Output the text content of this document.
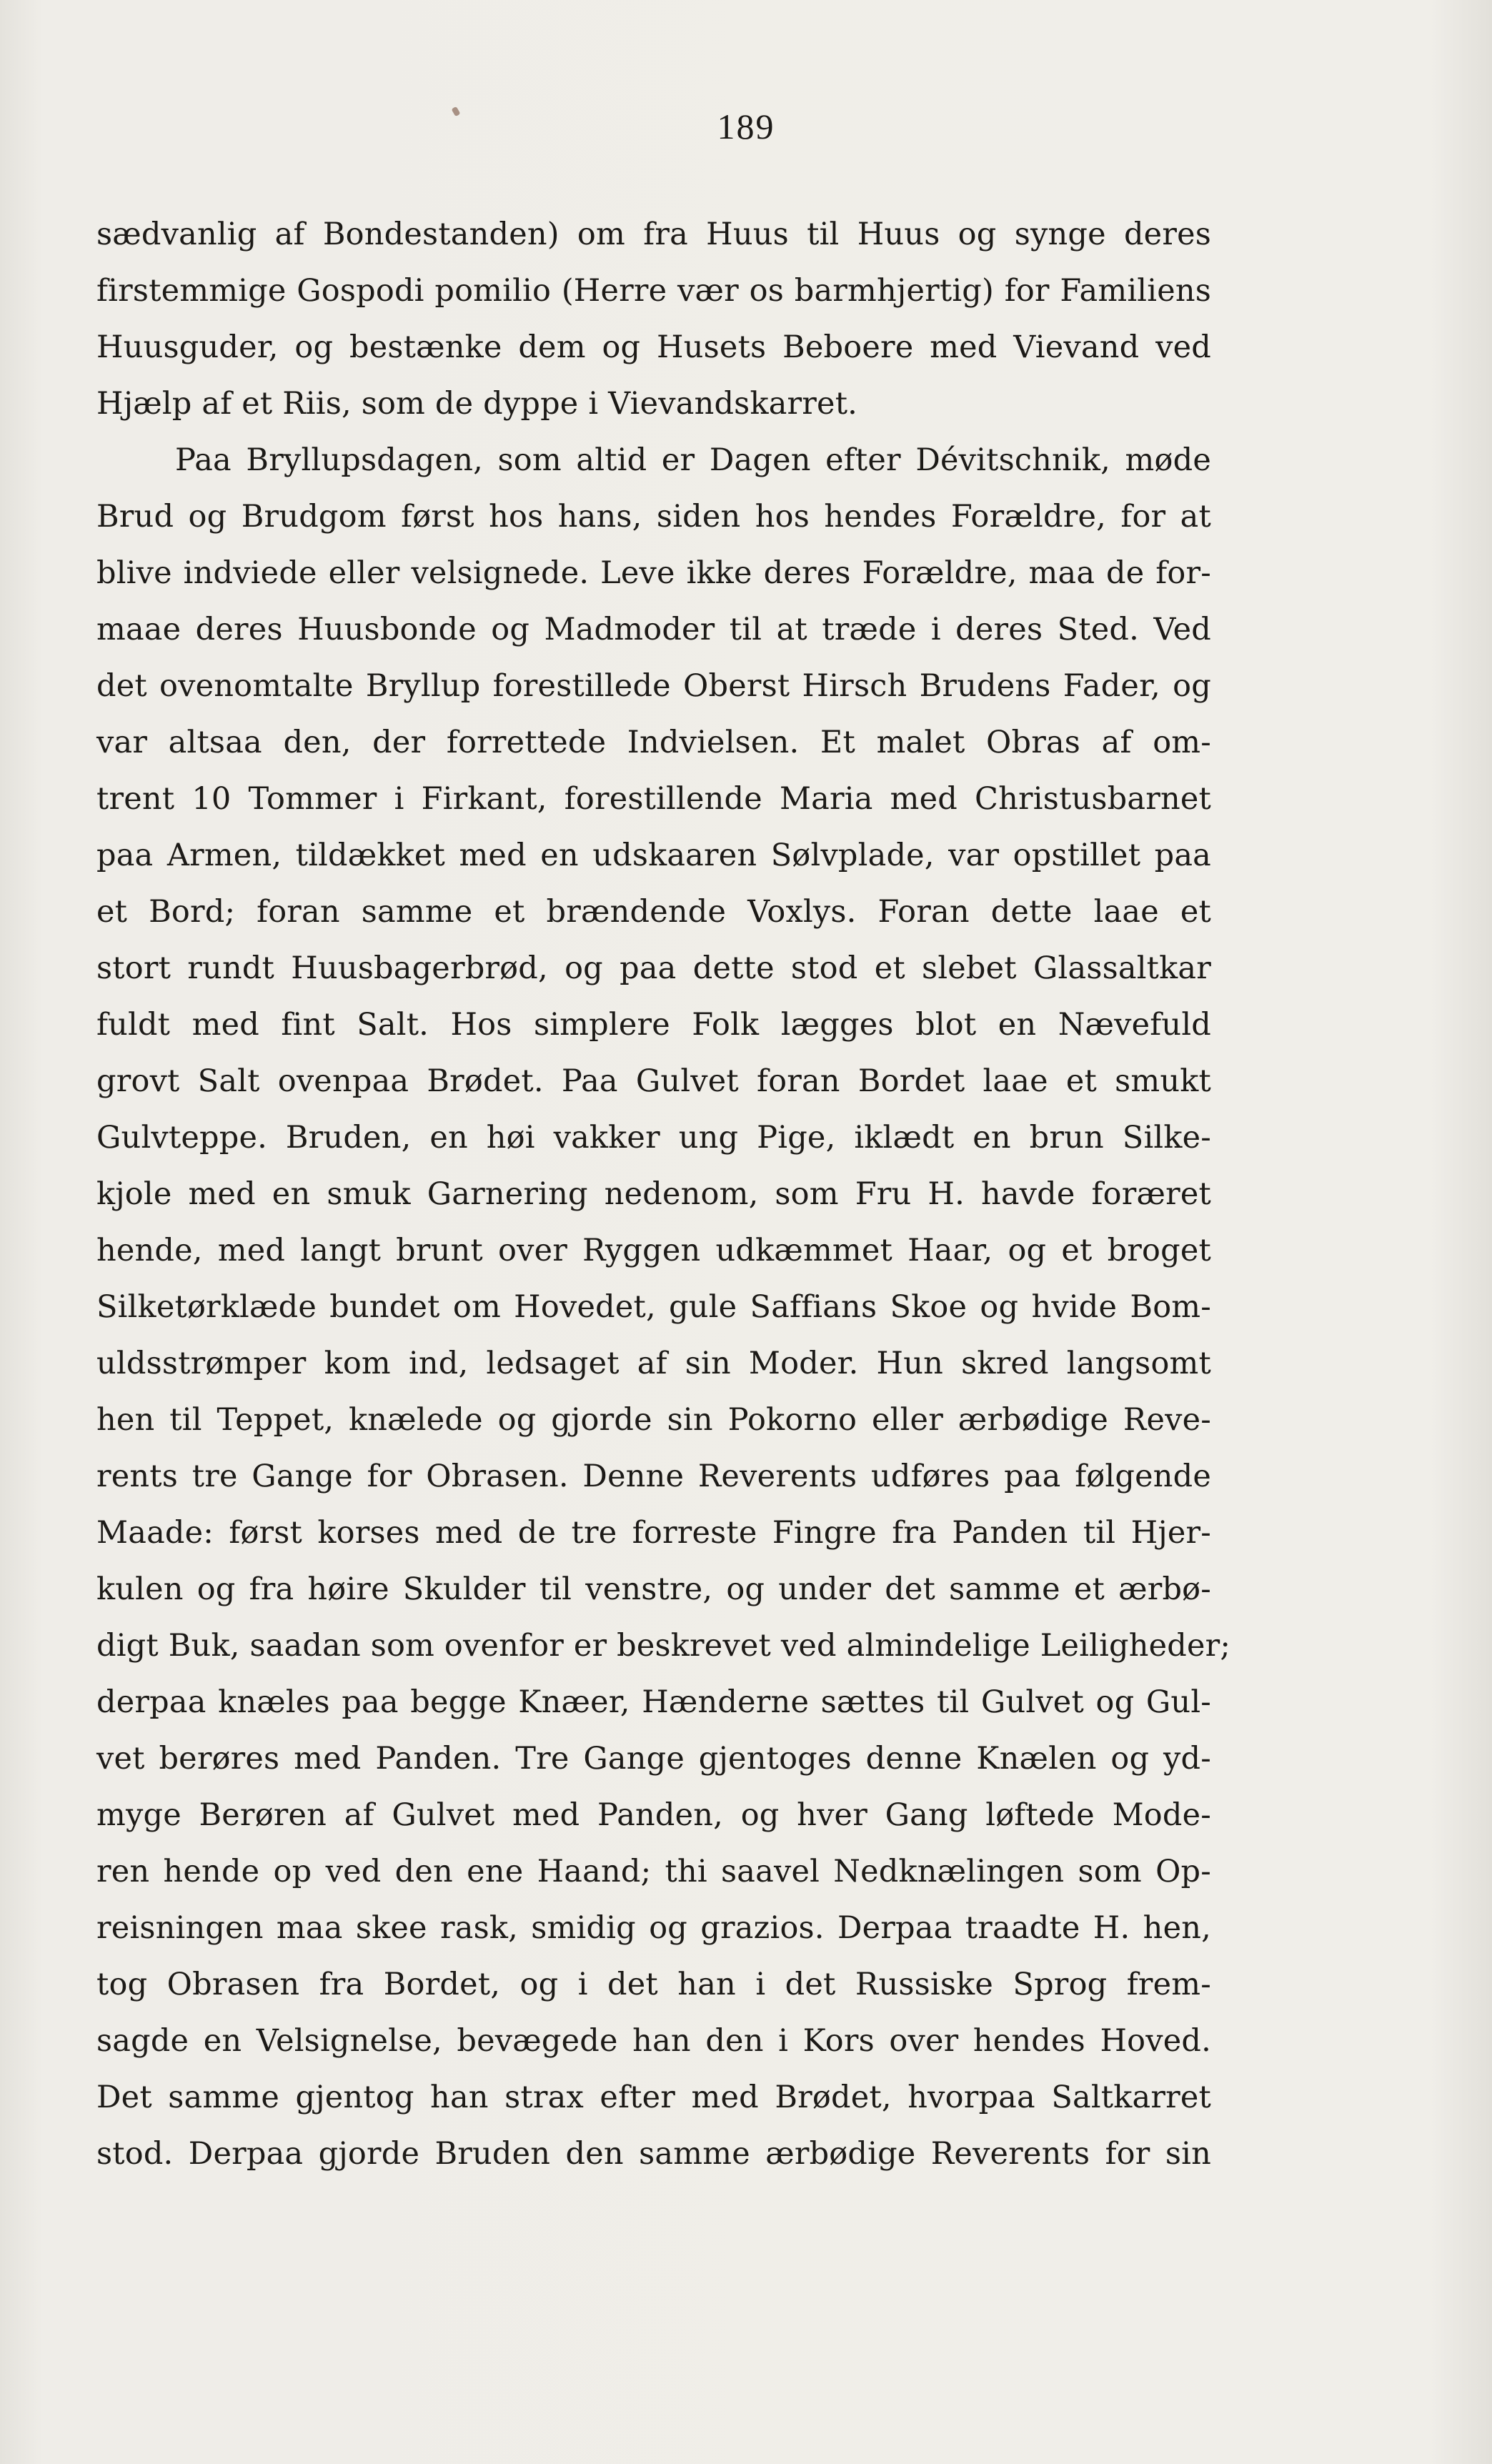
189
sædvanlig af Bondestanden) om fra Huus til Huus og synge deres
firstemmige Gospodi pomilio (Herre vær os barmhjertig) for Familiens
Huusguder, og bestænke dem og Husets Beboere med Vievand ved
Hjælp af et Riis, som de dyppe i Vievandskarret.
Paa Bryllupsdagen, som altid er Dagen efter Dévitschnik, møde
Brud og Brudgom først hos hans, siden hos hendes Forældre, for at
blive indviede eller velsignede. Leve ikke deres Forældre, maa de for-
maae deres Huusbonde og Madmoder til at træde i deres Sted. Ved
det ovenomtalte Bryllup forestillede Oberst Hirsch Brudens Fader, og
var altsaa den, der forrettede Indvielsen. Et malet Obras af om-
trent 10 Tommer i Firkant, forestillende Maria med Christusbarnet
paa Armen, tildækket med en udskaaren Sølvplade, var opstillet paa
et Bord; foran samme et brændende Voxlys. Foran dette laae et
stort rundt Huusbagerbrød, og paa dette stod et slebet Glassaltkar
fuldt med fint Salt. Hos simplere Folk lægges blot en Nævefuld
grovt Salt ovenpaa Brødet. Paa Gulvet foran Bordet laae et smukt
Gulvteppe. Bruden, en høi vakker ung Pige, iklædt en brun Silke-
kjole med en smuk Garnering nedenom, som Fru H. havde foræret
hende, med langt brunt over Ryggen udkæmmet Haar, og et broget
Silketørklæde bundet om Hovedet, gule Saffians Skoe og hvide Bom-
uldsstrømper kom ind, ledsaget af sin Moder. Hun skred langsomt
hen til Teppet, knælede og gjorde sin Pokorno eller ærbødige Reve-
rents tre Gange for Obrasen. Denne Reverents udføres paa følgende
Maade: først korses med de tre forreste Fingre fra Panden til Hjer-
kulen og fra høire Skulder til venstre, og under det samme et ærbø-
digt Buk, saadan som ovenfor er beskrevet ved almindelige Leiligheder;
derpaa knæles paa begge Knæer, Hænderne sættes til Gulvet og Gul-
vet berøres med Panden. Tre Gange gjentoges denne Knælen og yd-
myge Berøren af Gulvet med Panden, og hver Gang løftede Mode-
ren hende op ved den ene Haand; thi saavel Nedknælingen som Op-
reisningen maa skee rask, smidig og grazios. Derpaa traadte H. hen,
tog Obrasen fra Bordet, og i det han i det Russiske Sprog frem-
sagde en Velsignelse, bevægede han den i Kors over hendes Hoved.
Det samme gjentog han strax efter med Brødet, hvorpaa Saltkarret
stod. Derpaa gjorde Bruden den samme ærbødige Reverents for sin
